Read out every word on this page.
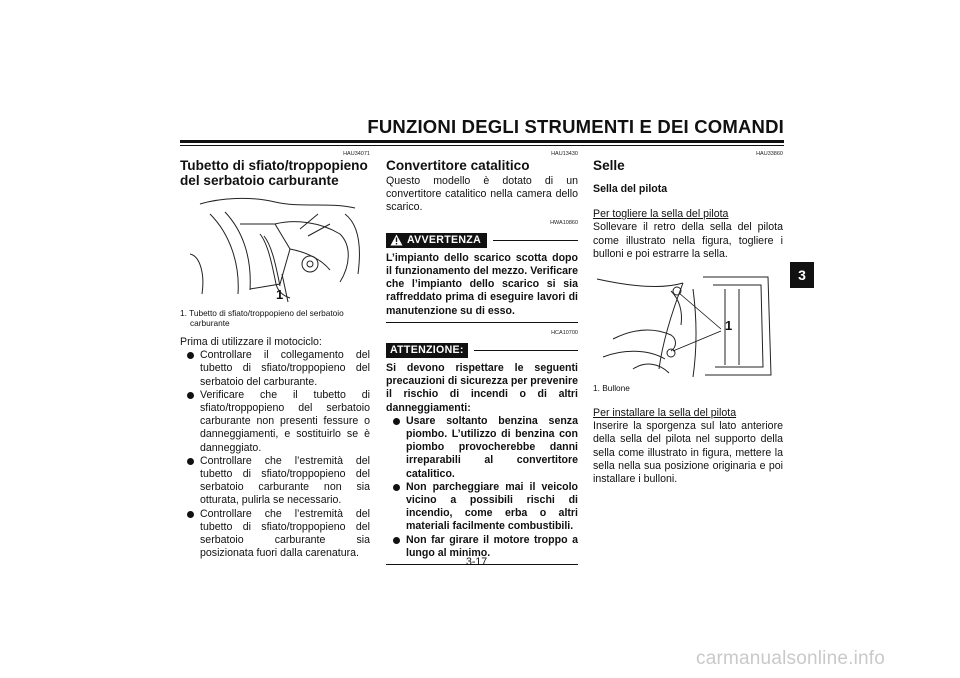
FUNZIONI DEGLI STRUMENTI E DEI COMANDI
3

HAU34071

Tubetto di sfiato/troppopieno del serbatoio carburante
1

1. Tubetto di sfiato/troppopieno del serbatoio carburante

Prima di utilizzare il motociclo:

Controllare il collegamento del tubetto di sfiato/troppopieno del serbatoio del carburante.
Verificare che il tubetto di sfiato/troppopieno del serbatoio carburante non presenti fessure o danneggiamenti, e sostituirlo se è danneggiato.
Controllare che l’estremità del tubetto di sfiato/troppopieno del serbatoio carburante non sia otturata, pulirla se necessario.
Controllare che l’estremità del tubetto di sfiato/troppopieno del serbatoio carburante sia posizionata fuori dalla carenatura.

HAU13430

Convertitore catalitico

Questo modello è dotato di un convertitore catalitico nella camera dello scarico.

HWA10860

AVVERTENZA

L’impianto dello scarico scotta dopo il funzionamento del mezzo. Verificare che l’impianto dello scarico si sia raffreddato prima di eseguire lavori di manutenzione su di esso.

HCA10700

ATTENZIONE:

Si devono rispettare le seguenti precauzioni di sicurezza per prevenire il rischio di incendi o di altri danneggiamenti:

Usare soltanto benzina senza piombo. L’utilizzo di benzina con piombo provocherebbe danni irreparabili al convertitore catalitico.
Non parcheggiare mai il veicolo vicino a possibili rischi di incendio, come erba o altri materiali facilmente combustibili.
Non far girare il motore troppo a lungo al minimo.

HAU33860

Selle
Sella del pilota

Per togliere la sella del pilota

Sollevare il retro della sella del pilota come illustrato nella figura, togliere i bulloni e poi estrarre la sella.

1

1. Bullone

Per installare la sella del pilota

Inserire la sporgenza sul lato anteriore della sella del pilota nel supporto della sella come illustrato in figura, mettere la sella nella sua posizione originaria e poi installare i bulloni.

3-17
carmanualsonline.info
